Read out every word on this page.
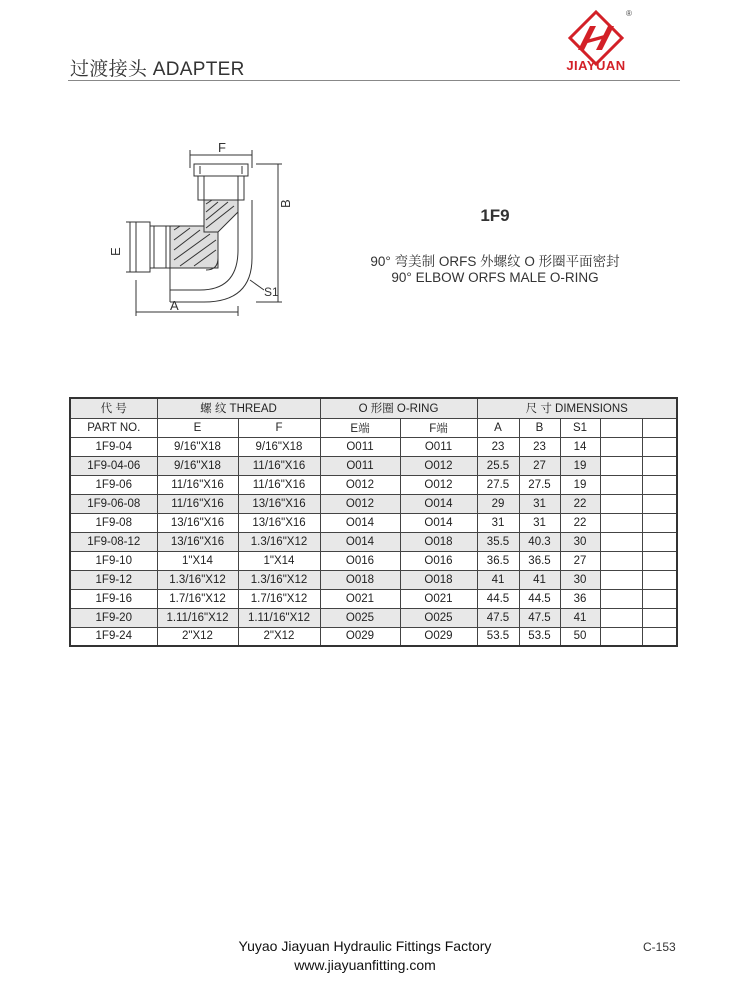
过渡接头 ADAPTER
®
JIAYUAN
F
B
E
A
S1
1F9
90° 弯美制 ORFS 外螺纹 O 形圈平面密封
90° ELBOW ORFS MALE O-RING
代 号	螺 纹 THREAD		O 形圈 O-RING		尺 寸 DIMENSIONS				
PART NO.	E	F	E端	F端	A	B	S1		
1F9-04	9/16"X18	9/16"X18	O011	O011	23	23	14		
1F9-04-06	9/16"X18	11/16"X16	O011	O012	25.5	27	19		
1F9-06	11/16"X16	11/16"X16	O012	O012	27.5	27.5	19		
1F9-06-08	11/16"X16	13/16"X16	O012	O014	29	31	22		
1F9-08	13/16"X16	13/16"X16	O014	O014	31	31	22		
1F9-08-12	13/16"X16	1.3/16"X12	O014	O018	35.5	40.3	30		
1F9-10	1"X14	1"X14	O016	O016	36.5	36.5	27		
1F9-12	1.3/16"X12	1.3/16"X12	O018	O018	41	41	30		
1F9-16	1.7/16"X12	1.7/16"X12	O021	O021	44.5	44.5	36		
1F9-20	1.11/16"X12	1.11/16"X12	O025	O025	47.5	47.5	41		
1F9-24	2"X12	2"X12	O029	O029	53.5	53.5	50		
Yuyao Jiayuan Hydraulic Fittings Factory
www.jiayuanfitting.com
C-153
